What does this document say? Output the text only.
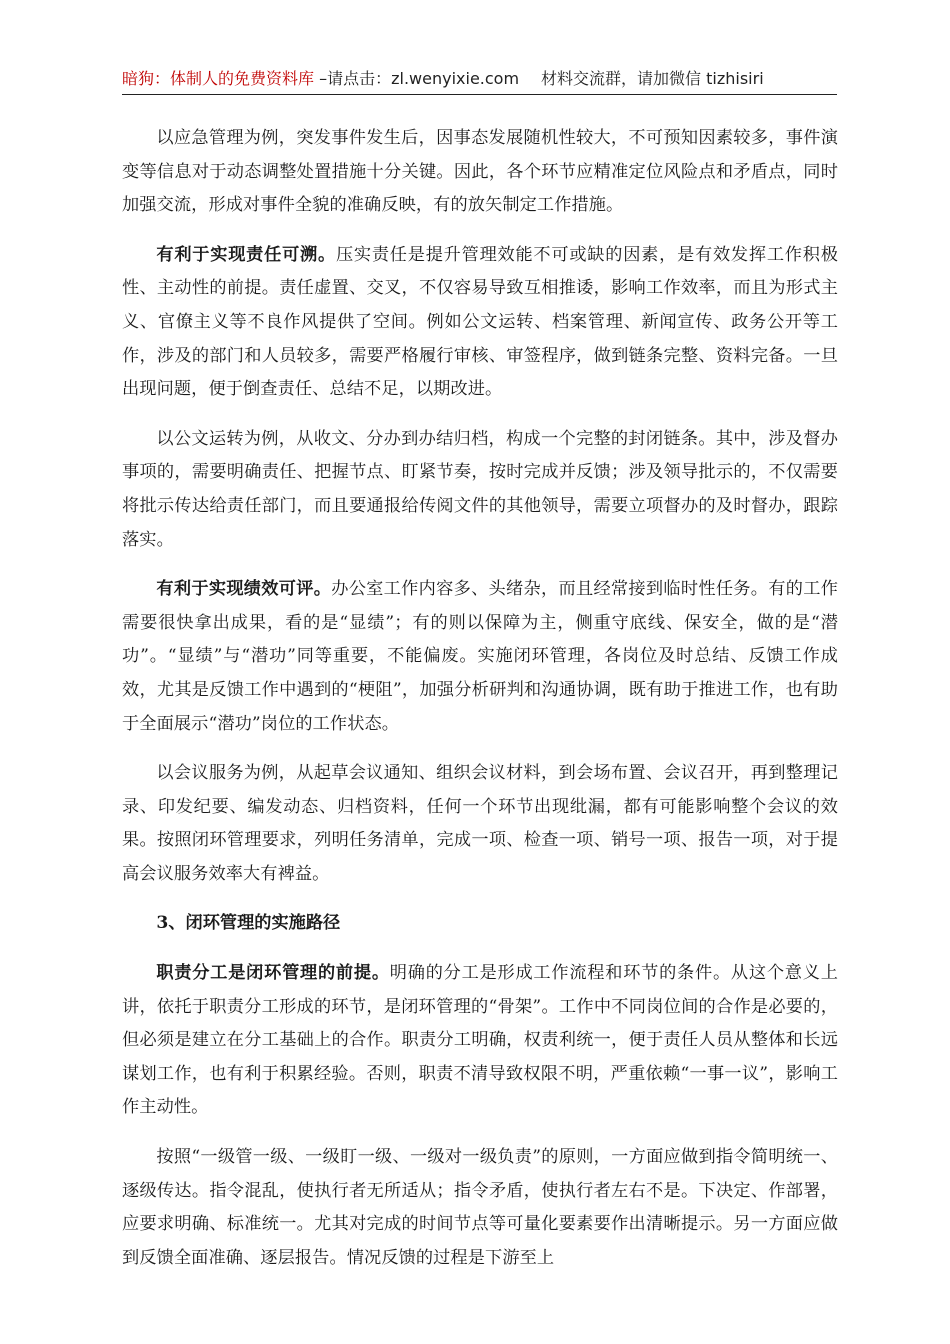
暗狗：体制人的免费资料库 –请点击：zl.wenyixie.com 材料交流群，请加微信 tizhisiri

以应急管理为例，突发事件发生后，因事态发展随机性较大，不可预知因素较多，事件演变等信息对于动态调整处置措施十分关键。因此，各个环节应精准定位风险点和矛盾点，同时加强交流，形成对事件全貌的准确反映，有的放矢制定工作措施。

有利于实现责任可溯。压实责任是提升管理效能不可或缺的因素，是有效发挥工作积极性、主动性的前提。责任虚置、交叉，不仅容易导致互相推诿，影响工作效率，而且为形式主义、官僚主义等不良作风提供了空间。例如公文运转、档案管理、新闻宣传、政务公开等工作，涉及的部门和人员较多，需要严格履行审核、审签程序，做到链条完整、资料完备。一旦出现问题，便于倒查责任、总结不足，以期改进。

以公文运转为例，从收文、分办到办结归档，构成一个完整的封闭链条。其中，涉及督办事项的，需要明确责任、把握节点、盯紧节奏，按时完成并反馈；涉及领导批示的，不仅需要将批示传达给责任部门，而且要通报给传阅文件的其他领导，需要立项督办的及时督办，跟踪落实。

有利于实现绩效可评。办公室工作内容多、头绪杂，而且经常接到临时性任务。有的工作需要很快拿出成果，看的是“显绩”；有的则以保障为主，侧重守底线、保安全，做的是“潜功”。“显绩”与“潜功”同等重要，不能偏废。实施闭环管理，各岗位及时总结、反馈工作成效，尤其是反馈工作中遇到的“梗阻”，加强分析研判和沟通协调，既有助于推进工作，也有助于全面展示“潜功”岗位的工作状态。

以会议服务为例，从起草会议通知、组织会议材料，到会场布置、会议召开，再到整理记录、印发纪要、编发动态、归档资料，任何一个环节出现纰漏，都有可能影响整个会议的效果。按照闭环管理要求，列明任务清单，完成一项、检查一项、销号一项、报告一项，对于提高会议服务效率大有裨益。

3、闭环管理的实施路径

职责分工是闭环管理的前提。明确的分工是形成工作流程和环节的条件。从这个意义上讲，依托于职责分工形成的环节，是闭环管理的“骨架”。工作中不同岗位间的合作是必要的，但必须是建立在分工基础上的合作。职责分工明确，权责利统一，便于责任人员从整体和长远谋划工作，也有利于积累经验。否则，职责不清导致权限不明，严重依赖“一事一议”，影响工作主动性。

按照“一级管一级、一级盯一级、一级对一级负责”的原则，一方面应做到指令简明统一、逐级传达。指令混乱，使执行者无所适从；指令矛盾，使执行者左右不是。下决定、作部署，应要求明确、标准统一。尤其对完成的时间节点等可量化要素要作出清晰提示。另一方面应做到反馈全面准确、逐层报告。情况反馈的过程是下游至上
